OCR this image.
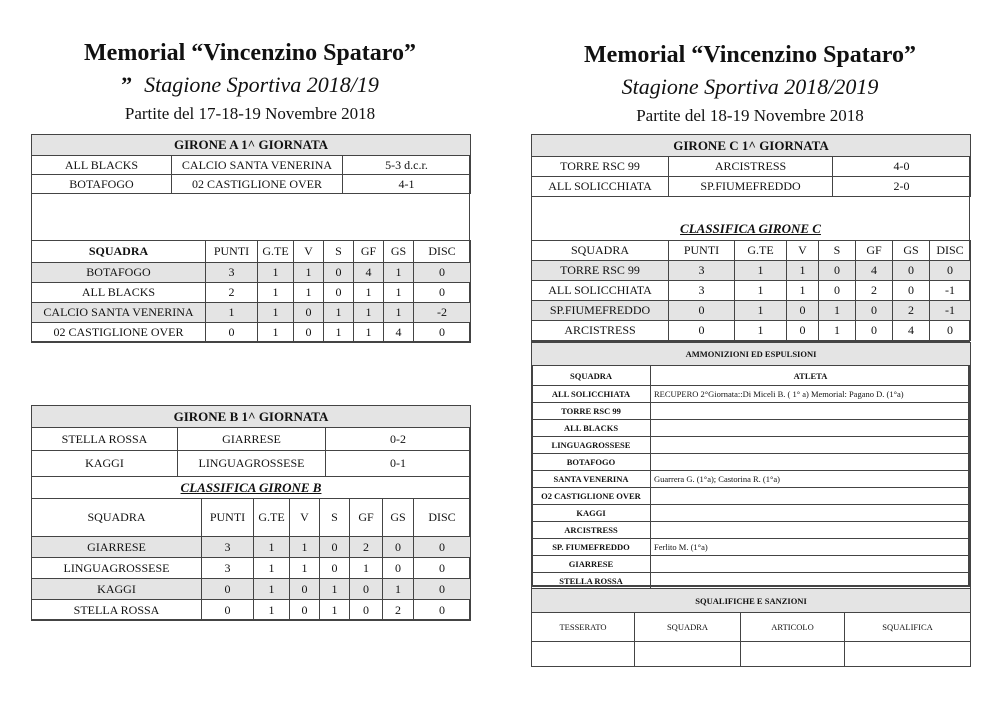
Memorial “Vincenzino Spataro”
” Stagione Sportiva 2018/19
Partite del 17-18-19 Novembre 2018
GIRONE A 1^ GIORNATA		
ALL BLACKS	CALCIO SANTA VENERINA	5-3 d.c.r.
BOTAFOGO	02 CASTIGLIONE OVER	4-1
SQUADRA	PUNTI	G.TE	V	S	GF	GS	DISC
BOTAFOGO	3	1	1	0	4	1	0
ALL BLACKS	2	1	1	0	1	1	0
CALCIO SANTA VENERINA	1	1	0	1	1	1	-2
02 CASTIGLIONE OVER	0	1	0	1	1	4	0
GIRONE B 1^ GIORNATA		
STELLA ROSSA	GIARRESE	0-2
KAGGI	LINGUAGROSSESE	0-1
CLASSIFICA GIRONE B		
SQUADRA	PUNTI	G.TE	V	S	GF	GS	DISC
GIARRESE	3	1	1	0	2	0	0
LINGUAGROSSESE	3	1	1	0	1	0	0
KAGGI	0	1	0	1	0	1	0
STELLA ROSSA	0	1	0	1	0	2	0
Memorial “Vincenzino Spataro”
Stagione Sportiva 2018/2019
Partite del 18-19 Novembre 2018
GIRONE C 1^ GIORNATA		
TORRE RSC 99	ARCISTRESS	4-0
ALL SOLICCHIATA	SP.FIUMEFREDDO	2-0
CLASSIFICA GIRONE C
SQUADRA	PUNTI	G.TE	V	S	GF	GS	DISC
TORRE RSC 99	3	1	1	0	4	0	0
ALL SOLICCHIATA	3	1	1	0	2	0	-1
SP.FIUMEFREDDO	0	1	0	1	0	2	-1
ARCISTRESS	0	1	0	1	0	4	0
AMMONIZIONI ED ESPULSIONI	
SQUADRA	ATLETA
ALL SOLICCHIATA	RECUPERO 2°Giornata::Di Miceli B. ( 1° a) Memorial: Pagano D. (1°a)
TORRE RSC 99	
ALL BLACKS	
LINGUAGROSSESE	
BOTAFOGO	
SANTA VENERINA	Guarrera G. (1°a); Castorina R. (1°a)
O2 CASTIGLIONE OVER	
KAGGI	
ARCISTRESS	
SP. FIUMEFREDDO	Ferlito M. (1°a)
GIARRESE	
STELLA ROSSA	
SQUALIFICHE E SANZIONI			
TESSERATO	SQUADRA	ARTICOLO	SQUALIFICA
